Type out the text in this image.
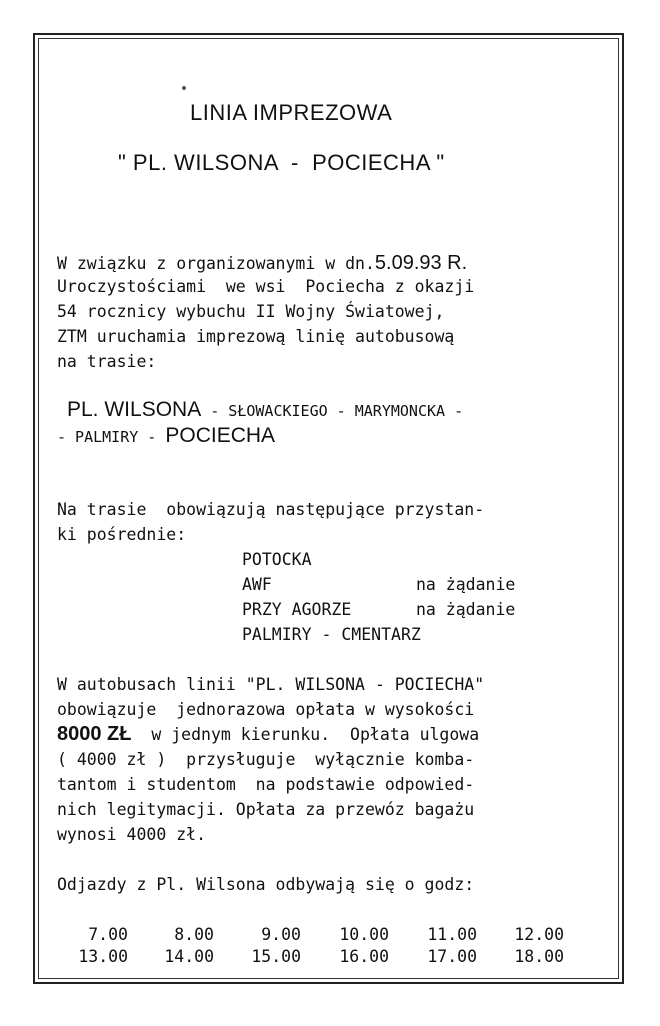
LINIA IMPREZOWA
" PL. WILSONA  -  POCIECHA "
W związku z organizowanymi w dn.5.09.93 R.
Uroczystościami  we wsi  Pociecha z okazji
54 rocznicy wybuchu II Wojny Światowej,
ZTM uruchamia imprezową linię autobusową
na trasie:
PL. WILSONA - SŁOWACKIEGO - MARYMONCKA -
- PALMIRY - POCIECHA
Na trasie  obowiązują następujące przystan-
ki pośrednie:
POTOCKA
AWF	na żądanie
PRZY AGORZE	na żądanie
PALMIRY - CMENTARZ
W autobusach linii "PL. WILSONA - POCIECHA"
obowiązuje  jednorazowa opłata w wysokości
8000 ZŁ  w jednym kierunku.  Opłata ulgowa
( 4000 zł )  przysługuje  wyłącznie komba-
tantom i studentom  na podstawie odpowied-
nich legitymacji. Opłata za przewóz bagażu
wynosi 4000 zł.
Odjazdy z Pl. Wilsona odbywają się o godz:
7.00	8.00	9.00	10.00	11.00	12.00
13.00	14.00	15.00	16.00	17.00	18.00
